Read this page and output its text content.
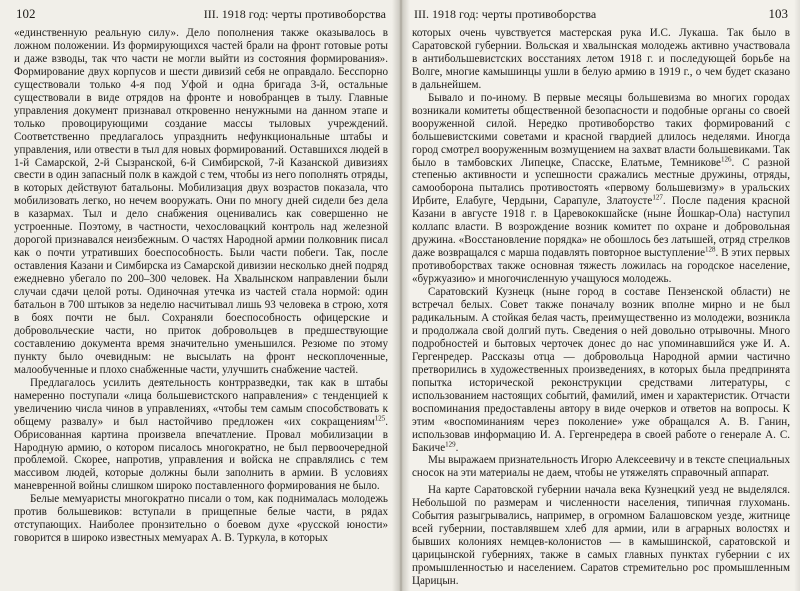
102	III. 1918 год: черты противоборства

«единственную реальную силу». Дело пополнения также оказывалось в ложном положении. Из формирующихся частей брали на фронт готовые роты и даже взводы, так что части не могли выйти из состояния формирования». Формирование двух корпусов и шести дивизий себя не оправдало. Бесспорно существовали только 4-я под Уфой и одна бригада 3-й, остальные существовали в виде отрядов на фронте и новобранцев в тылу. Главные управления документ признавал откровенно ненужными на данном этапе и только провоцирующими создание массы тыловых учреждений. Соответственно предлагалось упразднить нефункциональные штабы и управления, или отвести в тыл для новых формирований. Оставшихся людей в 1-й Самарской, 2-й Сызранской, 6-й Симбирской, 7-й Казанской дивизиях свести в один запасный полк в каждой с тем, чтобы из него пополнять отряды, в которых действуют батальоны. Мобилизация двух возрастов показала, что мобилизовать легко, но нечем вооружать. Они по многу дней сидели без дела в казармах. Тыл и дело снабжения оценивались как совершенно не устроенные. Поэтому, в частности, чехословацкий контроль над железной дорогой признавался неизбежным. О частях Народной армии полковник писал как о почти утративших боеспособность. Были части побеги. Так, после оставления Казани и Симбирска из Самарской дивизии несколько дней подряд ежедневно убегало по 200–300 человек. На Хвалынском направлении были случаи сдачи целой роты. Одиночная утечка из частей стала нормой: один батальон в 700 штыков за неделю насчитывал лишь 93 человека в строю, хотя в боях почти не был. Сохраняли боеспособность офицерские и добровольческие части, но приток добровольцев в предшествующие составлению документа время значительно уменьшился. Резюме по этому пункту было очевидным: не высылать на фронт нескоплоченные, малообученные и плохо снабженные части, улучшить снабжение частей.

Предлагалось усилить деятельность контрразведки, так как в штабы намеренно поступали «лица большевистского направления» с тенденцией к увеличению числа чинов в управлениях, «чтобы тем самым способствовать к общему развалу» и был настойчиво предложен «их сокращениям$^{125}$. Обрисованная картина произвела впечатление. Провал мобилизации в Народную армию, о котором писалось многократно, не был первоочередной проблемой. Скорее, напротив, управления и войска не справлялись с тем массивом людей, которые должны были заполнить в армии. В условиях маневренной войны слишком широко поставленного формирования не было.

Белые мемуаристы многократно писали о том, как поднималась молодежь против большевиков: вступали в прищепные белые части, в рядах отступающих. Наиболее пронзительно о боевом духе «русской юности» говорится в широко известных мемуарах А. В. Туркула, в которых

III. 1918 год: черты противоборства	103

которых очень чувствуется мастерская рука И.С. Лукаша. Так было в Саратовской губернии. Вольская и хвалынская молодежь активно участвовала в антибольшевистских восстаниях летом 1918 г. и последующей борьбе на Волге, многие камышинцы ушли в белую армию в 1919 г., о чем будет сказано в дальнейшем.

Бывало и по-иному. В первые месяцы большевизма во многих городах возникали комитеты общественной безопасности и подобные органы со своей вооруженной силой. Нередко противоборство таких формирований с большевистскими советами и красной гвардией длилось неделями. Иногда город смотрел вооруженным возмущением на захват власти большевиками. Так было в тамбовских Липецке, Спасске, Елатьме, Темникове$^{126}$. С разной степенью активности и успешности сражались местные дружины, отряды, самооборона пытались противостоять «первому большевизму» в уральских Ирбите, Елабуге, Чердыни, Сарапуле, Златоусте$^{127}$. После падения красной Казани в августе 1918 г. в Царевококшайске (ныне Йошкар-Ола) наступил коллапс власти. В возрождение возник комитет по охране и добровольная дружина. «Восстановление порядка» не обошлось без латышей, отряд стрелков даже возвращался с марша подавлять повторное выступление$^{128}$. В этих первых противоборствах также основная тяжесть ложилась на городское население, «буржуазию» и многочисленную учащуюся молодежь.

Саратовский Кузнецк (ныне город в составе Пензенской области) не встречал белых. Совет также поначалу возник вполне мирно и не был радикальным. А стойкая белая часть, преимущественно из молодежи, возникла и продолжала свой долгий путь. Сведения о ней довольно отрывочны. Много подробностей и бытовых черточек донес до нас упоминавшийся уже И. А. Гергенредер. Рассказы отца — добровольца Народной армии частично претворились в художественных произведениях, в которых была предпринята попытка исторической реконструкции средствами литературы, с использованием настоящих событий, фамилий, имен и характеристик. Отчасти воспоминания предоставлены автору в виде очерков и ответов на вопросы. К этим «воспоминаниям через поколение» уже обращался А. В. Ганин, использовав информацию И. А. Гергенредера в своей работе о генерале А. С. Бакиче$^{129}$.

Мы выражаем признательность Игорю Алексеевичу и в тексте специальных сносок на эти материалы не даем, чтобы не утяжелять справочный аппарат.

На карте Саратовской губернии начала века Кузнецкий уезд не выделялся. Небольшой по размерам и численности населения, типичная глухомань. События разыгрывались, например, в огромном Балашовском уезде, житнице всей губернии, поставлявшем хлеб для армии, или в аграрных волостях и бывших колониях немцев-колонистов — в камышинской, саратовской и царицынской губерниях, также в самых главных пунктах губернии с их промышленностью и населением. Саратов стремительно рос промышленным Царицын.
